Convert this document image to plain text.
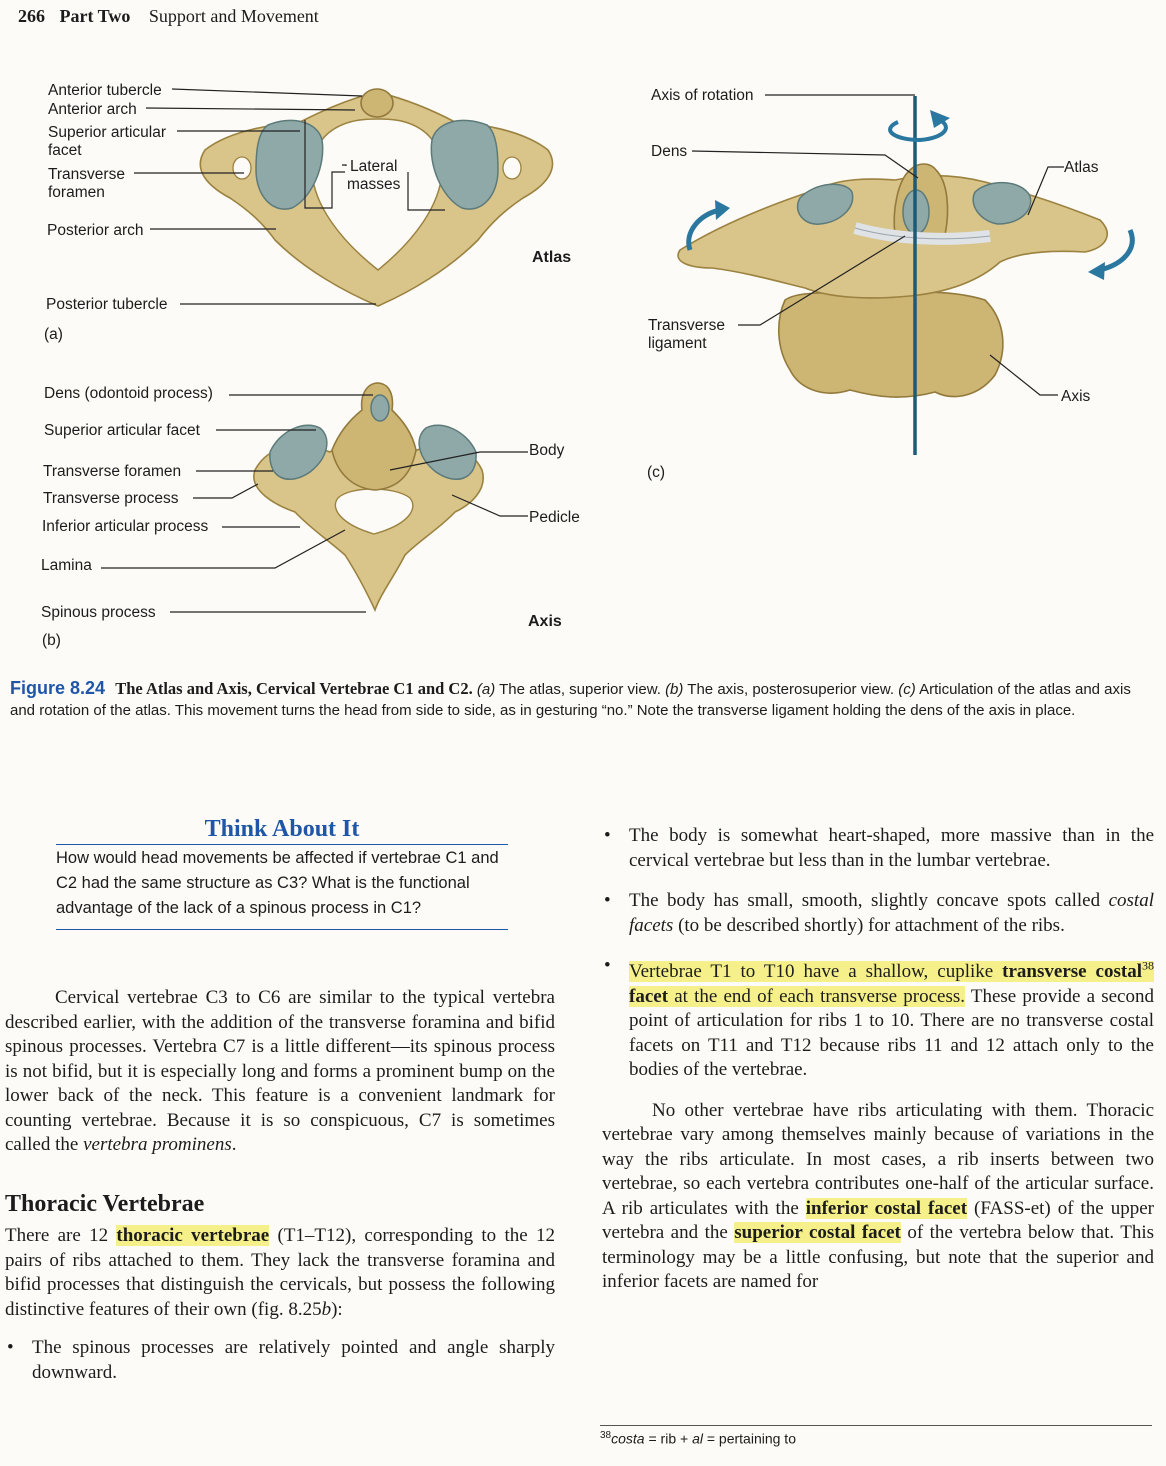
266 Part Two Support and Movement
Anterior tubercle
Anterior arch
Superior articular
facet
Transverse
foramen
Posterior arch
Posterior tubercle
Lateral
masses
Atlas
(a)
Dens (odontoid process)
Superior articular facet
Transverse foramen
Transverse process
Inferior articular process
Lamina
Spinous process
Body
Pedicle
Axis
(b)
Axis of rotation
Dens
Atlas
Transverse
ligament
Axis
(c)
Figure 8.24 The Atlas and Axis, Cervical Vertebrae C1 and C2. (a) The atlas, superior view. (b) The axis, posterosuperior view. (c) Articulation of the atlas and axis and rotation of the atlas. This movement turns the head from side to side, as in gesturing “no.” Note the transverse ligament holding the dens of the axis in place.
Think About It
How would head movements be affected if vertebrae C1 and C2 had the same structure as C3? What is the functional advantage of the lack of a spinous process in C1?

Cervical vertebrae C3 to C6 are similar to the typical vertebra described earlier, with the addition of the transverse foramina and bifid spinous processes. Vertebra C7 is a little different—its spinous process is not bifid, but it is especially long and forms a prominent bump on the lower back of the neck. This feature is a convenient landmark for counting vertebrae. Because it is so conspicuous, C7 is sometimes called the vertebra prominens.

Thoracic Vertebrae

There are 12 thoracic vertebrae (T1–T12), corresponding to the 12 pairs of ribs attached to them. They lack the transverse foramina and bifid processes that distinguish the cervicals, but possess the following distinctive features of their own (fig. 8.25b):

• The spinous processes are relatively pointed and angle sharply downward.
• The body is somewhat heart-shaped, more massive than in the cervical vertebrae but less than in the lumbar vertebrae.
• The body has small, smooth, slightly concave spots called costal facets (to be described shortly) for attachment of the ribs.
• Vertebrae T1 to T10 have a shallow, cuplike transverse costal$^{38}$ facet at the end of each transverse process. These provide a second point of articulation for ribs 1 to 10. There are no transverse costal facets on T11 and T12 because ribs 11 and 12 attach only to the bodies of the vertebrae.

No other vertebrae have ribs articulating with them. Thoracic vertebrae vary among themselves mainly because of variations in the way the ribs articulate. In most cases, a rib inserts between two vertebrae, so each vertebra contributes one-half of the articular surface. A rib articulates with the inferior costal facet (FASS-et) of the upper vertebra and the superior costal facet of the vertebra below that. This terminology may be a little confusing, but note that the superior and inferior facets are named for

$^{38}$costa = rib + al = pertaining to
